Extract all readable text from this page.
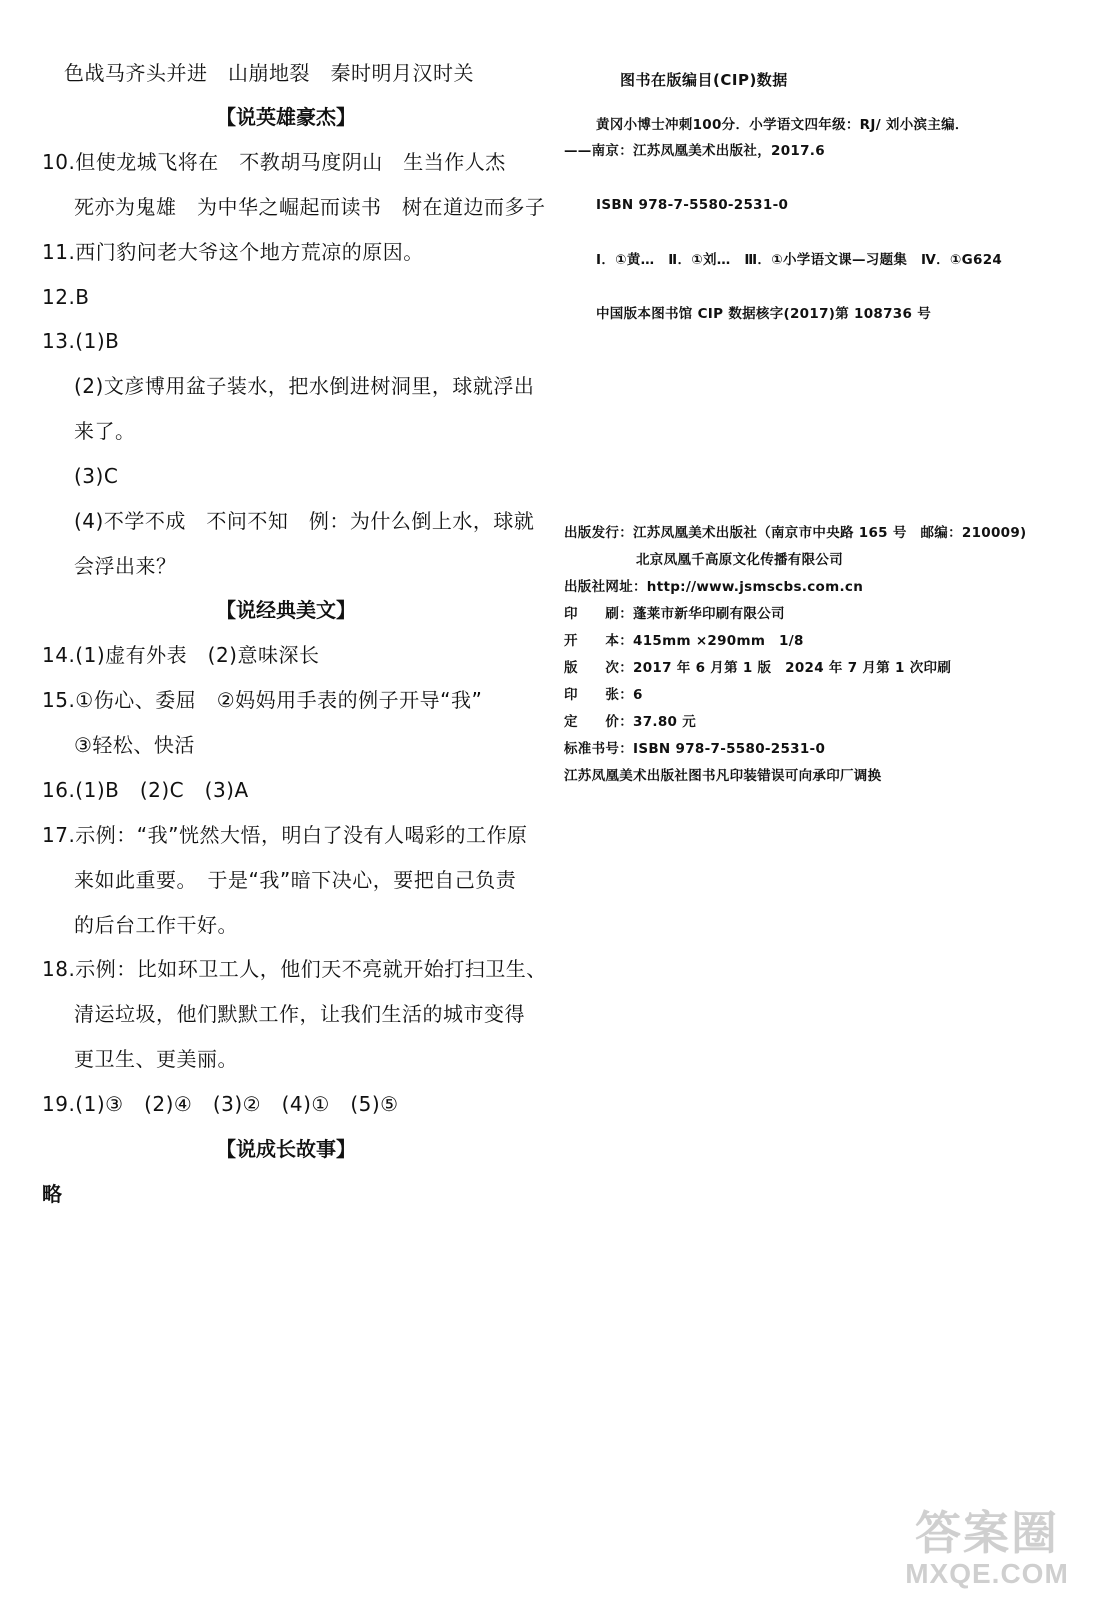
色战马齐头并进　山崩地裂　秦时明月汉时关
【说英雄豪杰】
10.但使龙城飞将在　不教胡马度阴山　生当作人杰
死亦为鬼雄　为中华之崛起而读书　树在道边而多子
11.西门豹问老大爷这个地方荒凉的原因。
12.B
13.(1)B
(2)文彦博用盆子装水，把水倒进树洞里，球就浮出
来了。
(3)C
(4)不学不成　不问不知　例：为什么倒上水，球就
会浮出来？
【说经典美文】
14.(1)虚有外表　(2)意味深长
15.①伤心、委屈　②妈妈用手表的例子开导“我”
③轻松、快活
16.(1)B　(2)C　(3)A
17.示例：“我”恍然大悟，明白了没有人喝彩的工作原
来如此重要。　于是“我”暗下决心，要把自己负责
的后台工作干好。
18.示例：比如环卫工人，他们天不亮就开始打扫卫生、
清运垃圾，他们默默工作，让我们生活的城市变得
更卫生、更美丽。
19.(1)③　(2)④　(3)②　(4)①　(5)⑤
【说成长故事】
略
图书在版编目(CIP)数据
黄冈小博士冲刺100分．小学语文四年级：RJ/ 刘小滨主编．
——南京：江苏凤凰美术出版社，2017.6
ISBN 978-7-5580-2531-0
Ⅰ．①黄…　Ⅱ．①刘…　Ⅲ．①小学语文课—习题集　Ⅳ．①G624
中国版本图书馆 CIP 数据核字(2017)第 108736 号
出版发行：江苏凤凰美术出版社（南京市中央路 165 号　邮编：210009)
北京凤凰千高原文化传播有限公司
出版社网址：http://www.jsmscbs.com.cn
印　　刷：蓬莱市新华印刷有限公司
开　　本：415mm ×290mm　1/8
版　　次：2017 年 6 月第 1 版　2024 年 7 月第 1 次印刷
印　　张：6
定　　价：37.80 元
标准书号：ISBN 978-7-5580-2531-0
江苏凤凰美术出版社图书凡印装错误可向承印厂调换
答案圈
MXQE.COM
